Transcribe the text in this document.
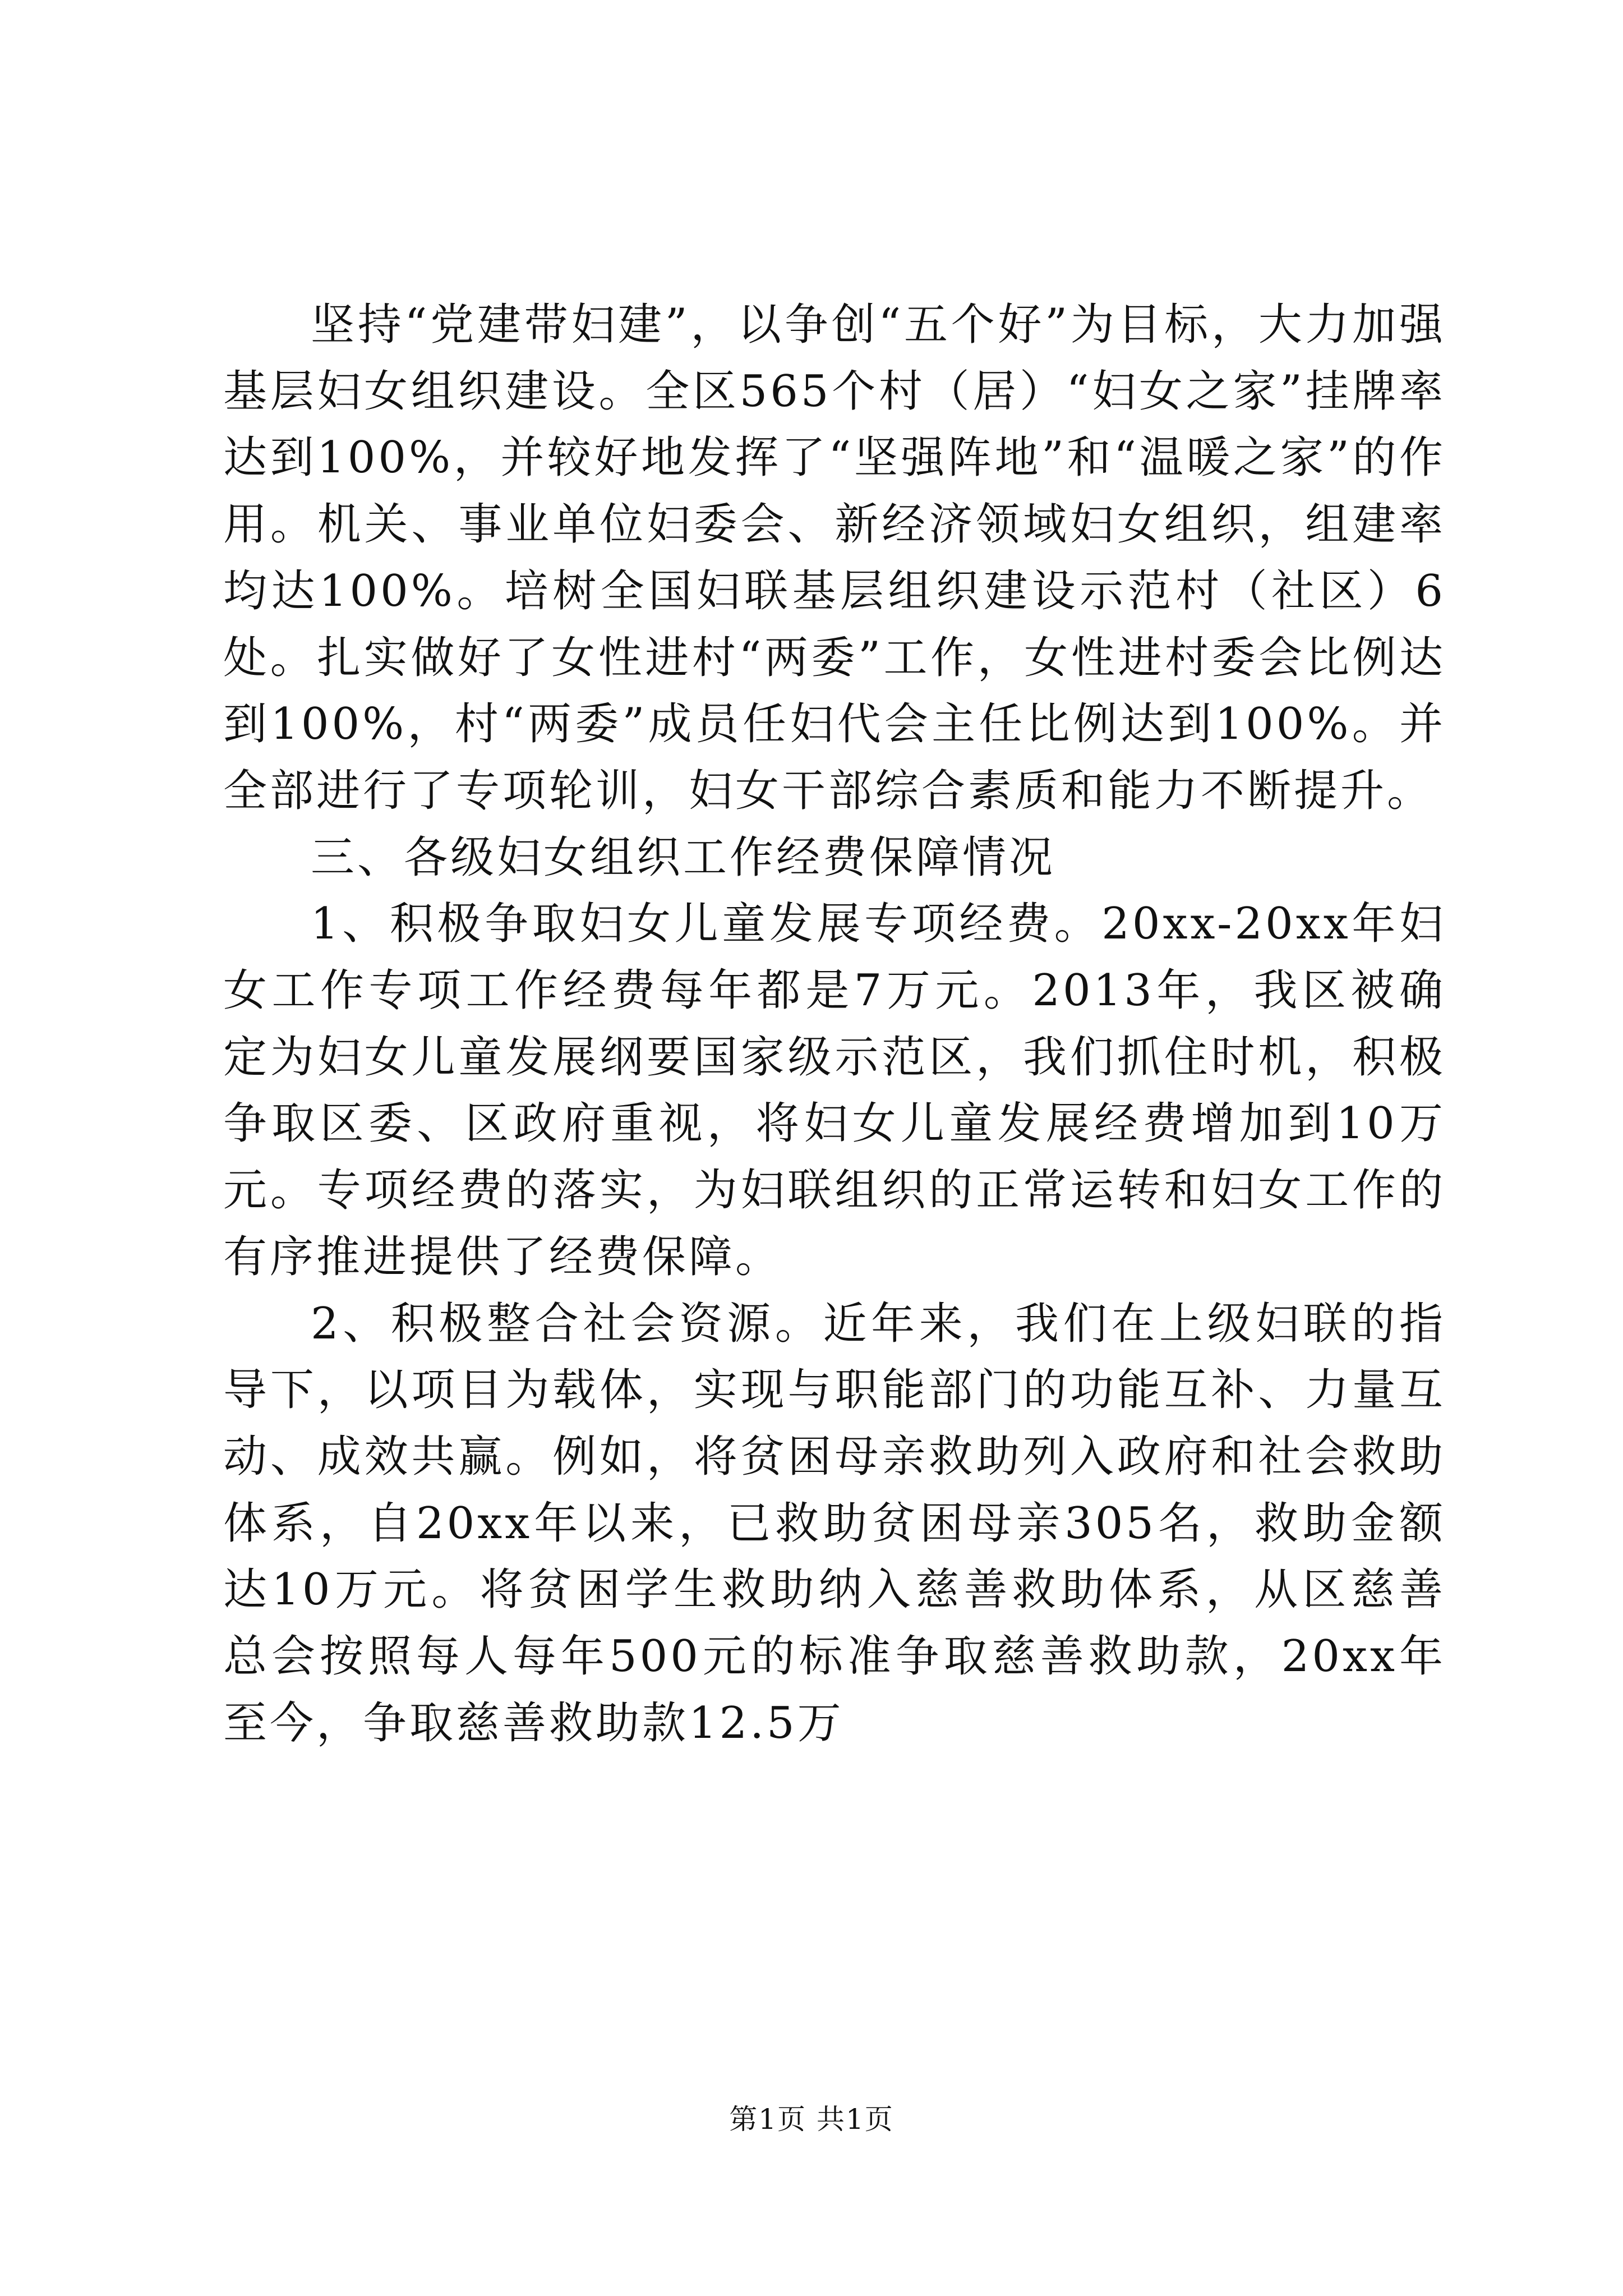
坚持“党建带妇建”，以争创“五个好”为目标，大力加强基层妇女组织建设。全区565个村（居）“妇女之家”挂牌率达到100%，并较好地发挥了“坚强阵地”和“温暖之家”的作用。机关、事业单位妇委会、新经济领域妇女组织，组建率均达100%。培树全国妇联基层组织建设示范村（社区）6处。扎实做好了女性进村“两委”工作，女性进村委会比例达到100%，村“两委”成员任妇代会主任比例达到100%。并全部进行了专项轮训，妇女干部综合素质和能力不断提升。

三、各级妇女组织工作经费保障情况

1、积极争取妇女儿童发展专项经费。20xx-20xx年妇女工作专项工作经费每年都是7万元。2013年，我区被确定为妇女儿童发展纲要国家级示范区，我们抓住时机，积极争取区委、区政府重视，将妇女儿童发展经费增加到10万元。专项经费的落实，为妇联组织的正常运转和妇女工作的有序推进提供了经费保障。

2、积极整合社会资源。近年来，我们在上级妇联的指导下，以项目为载体，实现与职能部门的功能互补、力量互动、成效共赢。例如，将贫困母亲救助列入政府和社会救助体系，自20xx年以来，已救助贫困母亲305名，救助金额达10万元。将贫困学生救助纳入慈善救助体系，从区慈善总会按照每人每年500元的标准争取慈善救助款，20xx年至今，争取慈善救助款12.5万

第1页 共1页
